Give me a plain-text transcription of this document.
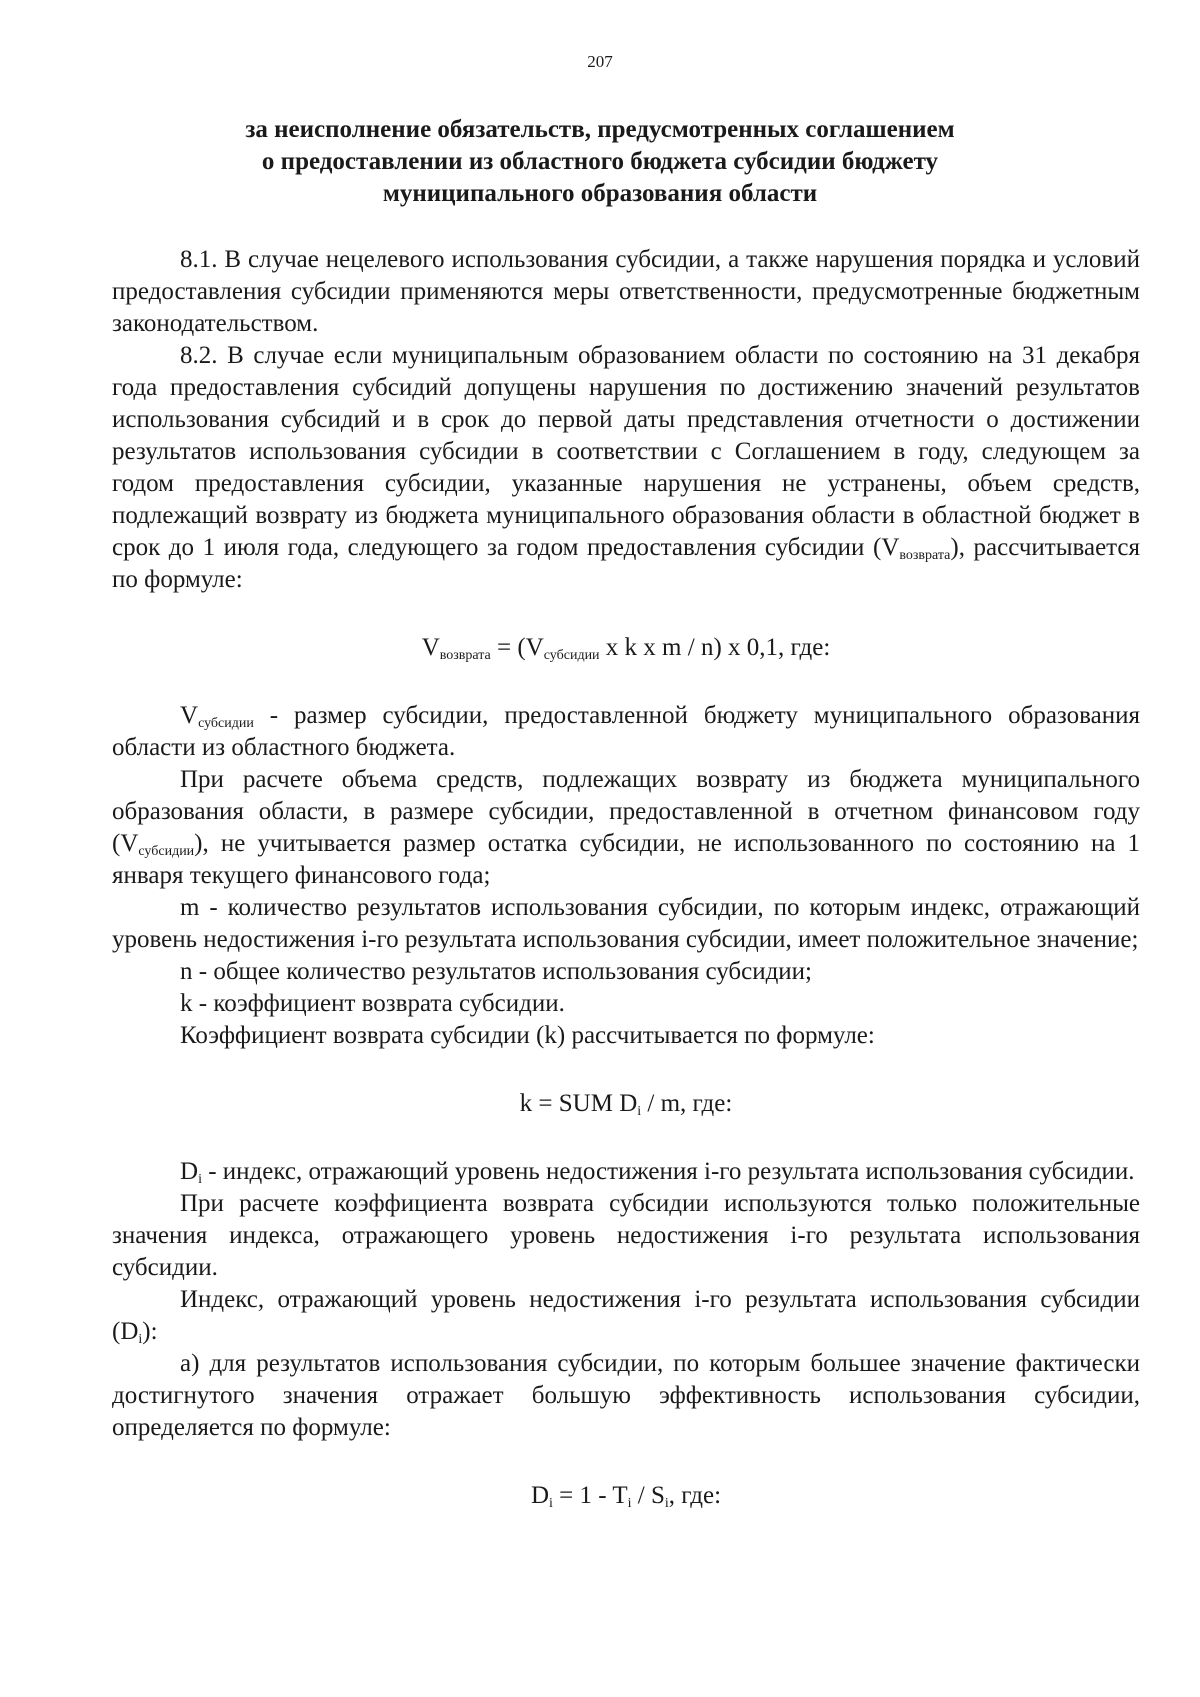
207
за неисполнение обязательств, предусмотренных соглашением
о предоставлении из областного бюджета субсидии бюджету
муниципального образования области

8.1. В случае нецелевого использования субсидии, а также нарушения порядка и условий предоставления субсидии применяются меры ответственности, предусмотренные бюджетным законодательством.

8.2. В случае если муниципальным образованием области по состоянию на 31 декабря года предоставления субсидий допущены нарушения по достижению значений результатов использования субсидий и в срок до первой даты представления отчетности о достижении результатов использования субсидии в соответствии с Соглашением в году, следующем за годом предоставления субсидии, указанные нарушения не устранены, объем средств, подлежащий возврату из бюджета муниципального образования области в областной бюджет в срок до 1 июля года, следующего за годом предоставления субсидии $(V_{возврата})$, рассчитывается по формуле:

$V_{возврата} = (V_{субсидии}$ x k x m / n) x 0,1, где:

$V_{субсидии}$ - размер субсидии, предоставленной бюджету муниципального образования области из областного бюджета.

При расчете объема средств, подлежащих возврату из бюджета муниципального образования области, в размере субсидии, предоставленной в отчетном финансовом году $(V_{субсидии})$, не учитывается размер остатка субсидии, не использованного по состоянию на 1 января текущего финансового года;

m - количество результатов использования субсидии, по которым индекс, отражающий уровень недостижения i-го результата использования субсидии, имеет положительное значение;

n - общее количество результатов использования субсидии;

k - коэффициент возврата субсидии.

Коэффициент возврата субсидии (k) рассчитывается по формуле:

k = SUM $D_i$ / m, где:

$D_i$ - индекс, отражающий уровень недостижения i-го результата использования субсидии.

При расчете коэффициента возврата субсидии используются только положительные значения индекса, отражающего уровень недостижения i-го результата использования субсидии.

Индекс, отражающий уровень недостижения i-го результата использования субсидии $(D_i)$:

а) для результатов использования субсидии, по которым большее значение фактически достигнутого значения отражает большую эффективность использования субсидии, определяется по формуле:

$D_i = 1 - T_i / S_i$, где:
